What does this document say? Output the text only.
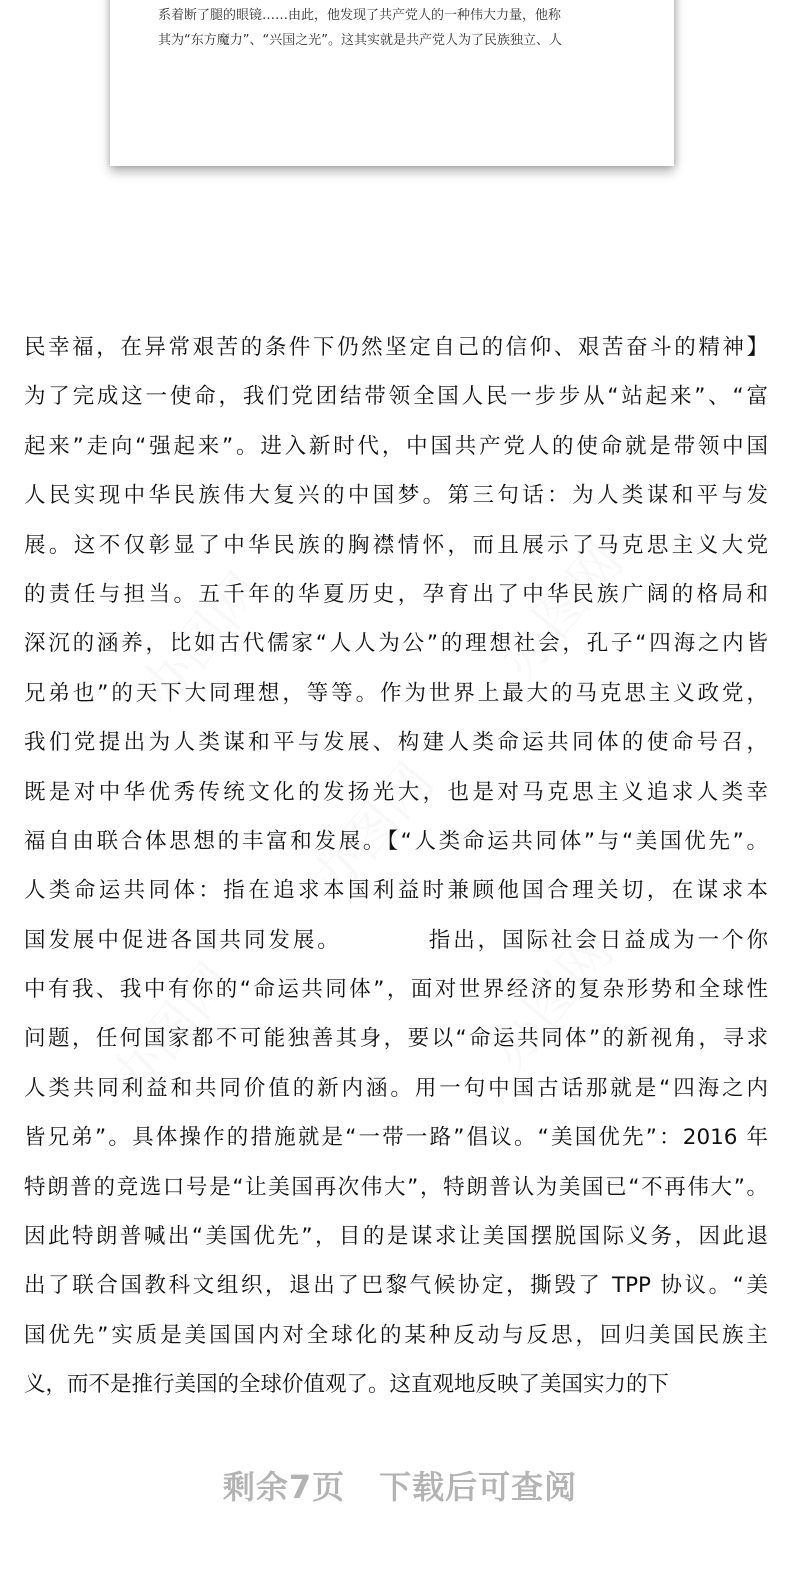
系着断了腿的眼镜……由此，他发现了共产党人的一种伟大力量，他称
其为“东方魔力”、“兴国之光”。这其实就是共产党人为了民族独立、人
办图网	办图网
办图网
办图网	办图网
民幸福，在异常艰苦的条件下仍然坚定自己的信仰、艰苦奋斗的精神】
为了完成这一使命，我们党团结带领全国人民一步步从“站起来”、“富
起来”走向“强起来”。进入新时代，中国共产党人的使命就是带领中国
人民实现中华民族伟大复兴的中国梦。第三句话：为人类谋和平与发
展。这不仅彰显了中华民族的胸襟情怀，而且展示了马克思主义大党
的责任与担当。五千年的华夏历史，孕育出了中华民族广阔的格局和
深沉的涵养，比如古代儒家“人人为公”的理想社会，孔子“四海之内皆
兄弟也”的天下大同理想，等等。作为世界上最大的马克思主义政党，
我们党提出为人类谋和平与发展、构建人类命运共同体的使命号召，
既是对中华优秀传统文化的发扬光大，也是对马克思主义追求人类幸
福自由联合体思想的丰富和发展。【“人类命运共同体”与“美国优先”。
人类命运共同体：指在追求本国利益时兼顾他国合理关切，在谋求本
国发展中促进各国共同发展。　　　　指出，国际社会日益成为一个你
中有我、我中有你的“命运共同体”，面对世界经济的复杂形势和全球性
问题，任何国家都不可能独善其身，要以“命运共同体”的新视角，寻求
人类共同利益和共同价值的新内涵。用一句中国古话那就是“四海之内
皆兄弟”。具体操作的措施就是“一带一路”倡议。“美国优先”：2016 年
特朗普的竞选口号是“让美国再次伟大”，特朗普认为美国已“不再伟大”。
因此特朗普喊出“美国优先”，目的是谋求让美国摆脱国际义务，因此退
出了联合国教科文组织，退出了巴黎气候协定，撕毁了 TPP 协议。“美
国优先”实质是美国国内对全球化的某种反动与反思，回归美国民族主
义，而不是推行美国的全球价值观了。这直观地反映了美国实力的下
剩余7页 下载后可查阅
